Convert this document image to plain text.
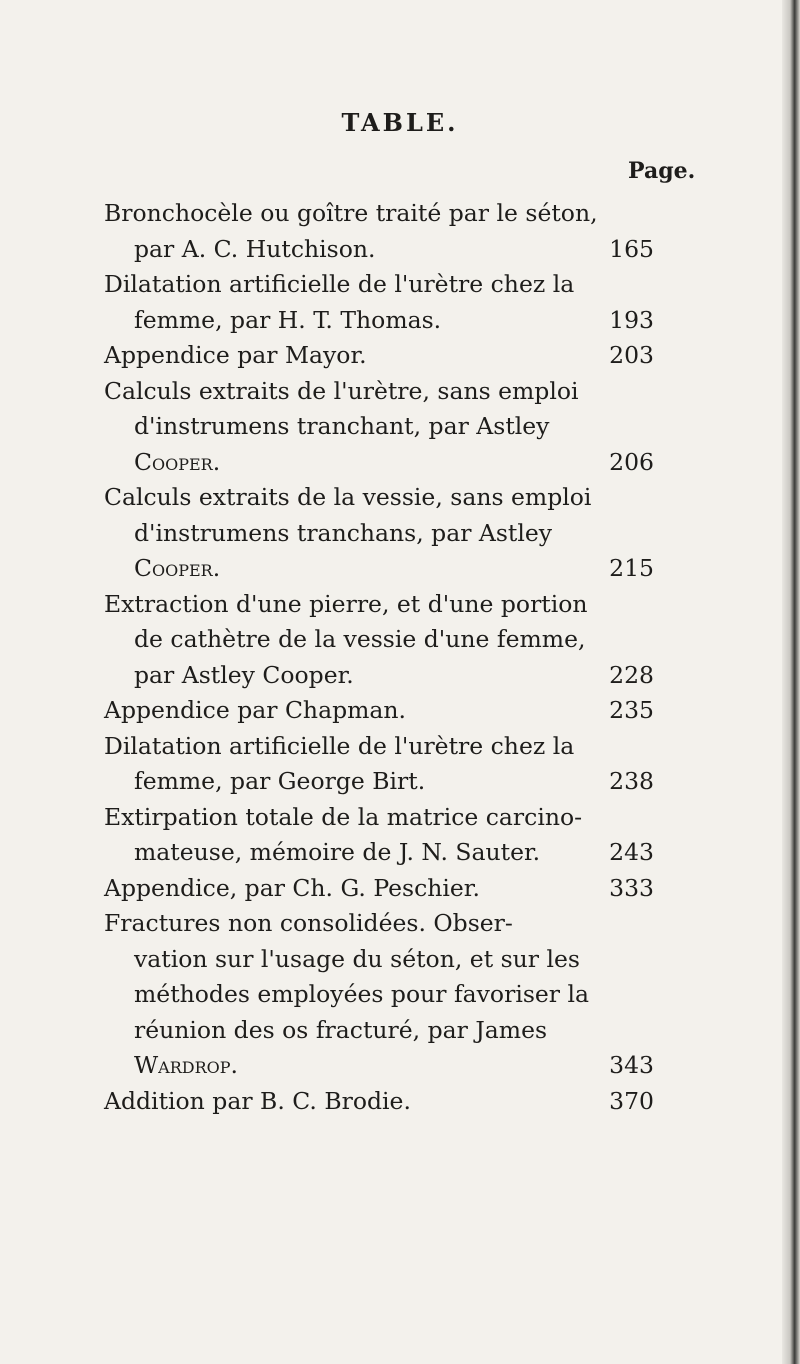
TABLE.
Page.
Bronchocèle ou goître traité par le séton,
par A. C. Hutchison.	165
Dilatation artificielle de l'urètre chez la
femme, par H. T. Thomas.	193
Appendice par Mayor.	203
Calculs extraits de l'urètre, sans emploi
d'instrumens tranchant, par Astley
Cooper.	206
Calculs extraits de la vessie, sans emploi
d'instrumens tranchans, par Astley
Cooper.	215
Extraction d'une pierre, et d'une portion
de cathètre de la vessie d'une femme,
par Astley Cooper.	228
Appendice par Chapman.	235
Dilatation artificielle de l'urètre chez la
femme, par George Birt.	238
Extirpation totale de la matrice carcino-
mateuse, mémoire de J. N. Sauter.	243
Appendice, par Ch. G. Peschier.	333
Fractures non consolidées. Obser-
vation sur l'usage du séton, et sur les
méthodes employées pour favoriser la
réunion des os fracturé, par James
Wardrop.	343
Addition par B. C. Brodie.	370
